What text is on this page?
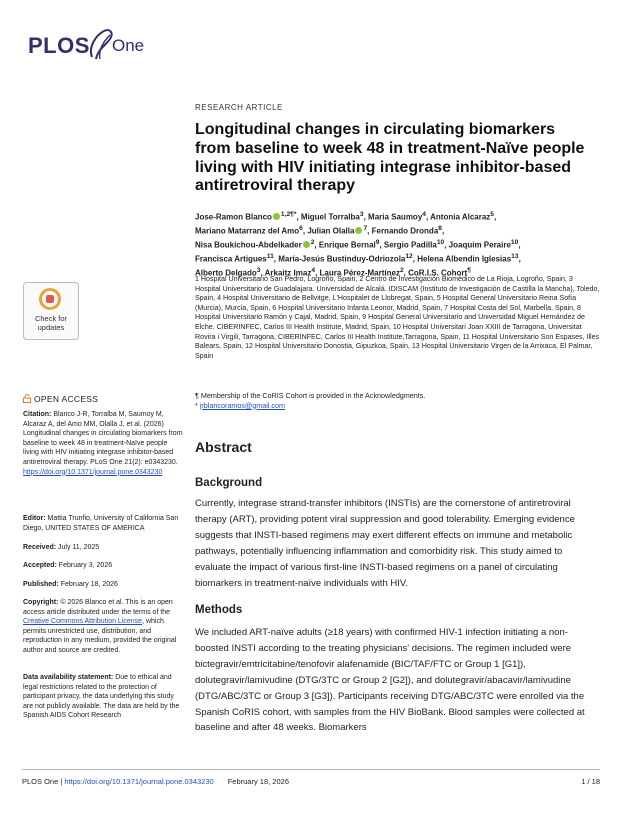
PLOS One
Check for updates
OPEN ACCESS
Citation: Blanco J-R, Torralba M, Saumoy M, Alcaraz A, del Amo MM, Olalla J, et al. (2026) Longitudinal changes in circulating biomarkers from baseline to week 48 in treatment-Naïve people living with HIV initiating integrase inhibitor-based antiretroviral therapy. PLoS One 21(2): e0343230. https://doi.org/10.1371/journal.pone.0343230
Editor: Mattia Trunfio, University of California San Diego, UNITED STATES OF AMERICA
Received: July 11, 2025
Accepted: February 3, 2026
Published: February 18, 2026
Copyright: © 2026 Blanco et al. This is an open access article distributed under the terms of the Creative Commons Attribution License, which permits unrestricted use, distribution, and reproduction in any medium, provided the original author and source are credited.
Data availability statement: Due to ethical and legal restrictions related to the protection of participant privacy, the data underlying this study are not publicly available. The data are held by the Spanish AIDS Cohort Research
RESEARCH ARTICLE
Longitudinal changes in circulating biomarkers from baseline to week 48 in treatment-Naïve people living with HIV initiating integrase inhibitor-based antiretroviral therapy
Jose-Ramon Blanco $^{1,2\P*}$, Miguel Torralba$^3$, Maria Saumoy$^4$, Antonia Alcaraz$^5$,
Mariano Matarranz del Amo$^6$, Julian Olalla $^7$, Fernando Dronda$^8$,
Nisa Boukichou-Abdelkader $^2$, Enrique Bernal$^9$, Sergio Padilla$^{10}$, Joaquim Peraire$^{10}$,
Francisca Artigues$^{11}$, María-Jesús Bustinduy-Odriozola$^{12}$, Helena Albendin Iglesias$^{13}$,
Alberto Delgado$^3$, Arkaitz Imaz$^4$, Laura Pérez-Martínez$^2$, CoR.I.S. Cohort¶
1 Hospital Universitario San Pedro, Logroño, Spain, 2 Centro de Investigación Biomédico de La Rioja, Logroño, Spain, 3 Hospital Universitario de Guadalajara. Universidad de Alcalá. IDISCAM (Instituto de Investigación de Castilla la Mancha), Toledo, Spain, 4 Hospital Universitario de Bellvitge, L'Hospitalet de Llobregat, Spain, 5 Hospital General Universitario Reina Sofía (Murcia), Murcia, Spain, 6 Hospital Universitario Infanta Leonor, Madrid, Spain, 7 Hospital Costa del Sol, Marbella, Spain, 8 Hospital Universitario Ramón y Cajal, Madrid, Spain, 9 Hospital General Universitario and Universidad Miguel Hernández de Elche. CIBERINFEC, Carlos III Health Institute, Madrid, Spain, 10 Hospital Universitari Joan XXIII de Tarragona, Universitat Rovira i Virgili, Tarragona, CIBERINFEC, Carlos III Health Institute,Tarragona, Spain, 11 Hospital Universitario Son Espases, Illes Balears, Spain, 12 Hospital Universitario Donostia, Gipuzkoa, Spain, 13 Hospital Universitario Virgen de la Arrixaca, El Palmar, Spain
¶ Membership of the CoRIS Cohort is provided in the Acknowledgments.
* jrblancoramos@gmail.com
Abstract
Background
Currently, integrase strand-transfer inhibitors (INSTIs) are the cornerstone of antiretroviral therapy (ART), providing potent viral suppression and good tolerability. Emerging evidence suggests that INSTI-based regimens may exert different effects on immune and metabolic pathways, potentially influencing inflammation and comorbidity risk. This study aimed to evaluate the impact of various first-line INSTI-based regimens on a panel of circulating biomarkers in treatment-naïve individuals with HIV.
Methods
We included ART-naïve adults (≥18 years) with confirmed HIV-1 infection initiating a non-boosted INSTI according to the treating physicians' decisions. The regimen included were bictegravir/emtricitabine/tenofovir alafenamide (BIC/TAF/FTC or Group 1 [G1]), dolutegravir/lamivudine (DTG/3TC or Group 2 [G2]), and dolutegravir/abacavir/lamivudine (DTG/ABC/3TC or Group 3 [G3]). Participants receiving DTG/ABC/3TC were enrolled via the Spanish CoRIS cohort, with samples from the HIV BioBank. Blood samples were collected at baseline and after 48 weeks. Biomarkers
PLOS One | https://doi.org/10.1371/journal.pone.0343230 February 18, 2026	1 / 18
